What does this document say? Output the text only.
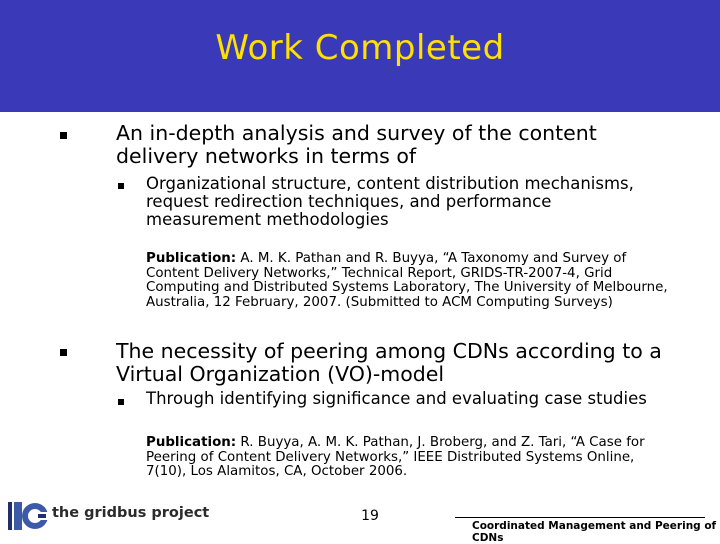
Work Completed
An in-depth analysis and survey of the content
delivery networks in terms of
Organizational structure, content distribution mechanisms,
request redirection techniques, and performance
measurement methodologies
Publication: A. M. K. Pathan and R. Buyya, “A Taxonomy and Survey of
Content Delivery Networks,” Technical Report, GRIDS-TR-2007-4, Grid
Computing and Distributed Systems Laboratory, The University of Melbourne,
Australia, 12 February, 2007. (Submitted to ACM Computing Surveys)
The necessity of peering among CDNs according to a
Virtual Organization (VO)-model
Through identifying significance and evaluating case studies
Publication: R. Buyya, A. M. K. Pathan, J. Broberg, and Z. Tari, “A Case for
Peering of Content Delivery Networks,” IEEE Distributed Systems Online,
7(10), Los Alamitos, CA, October 2006.
the gridbus project	19
Coordinated Management and Peering of CDNs
